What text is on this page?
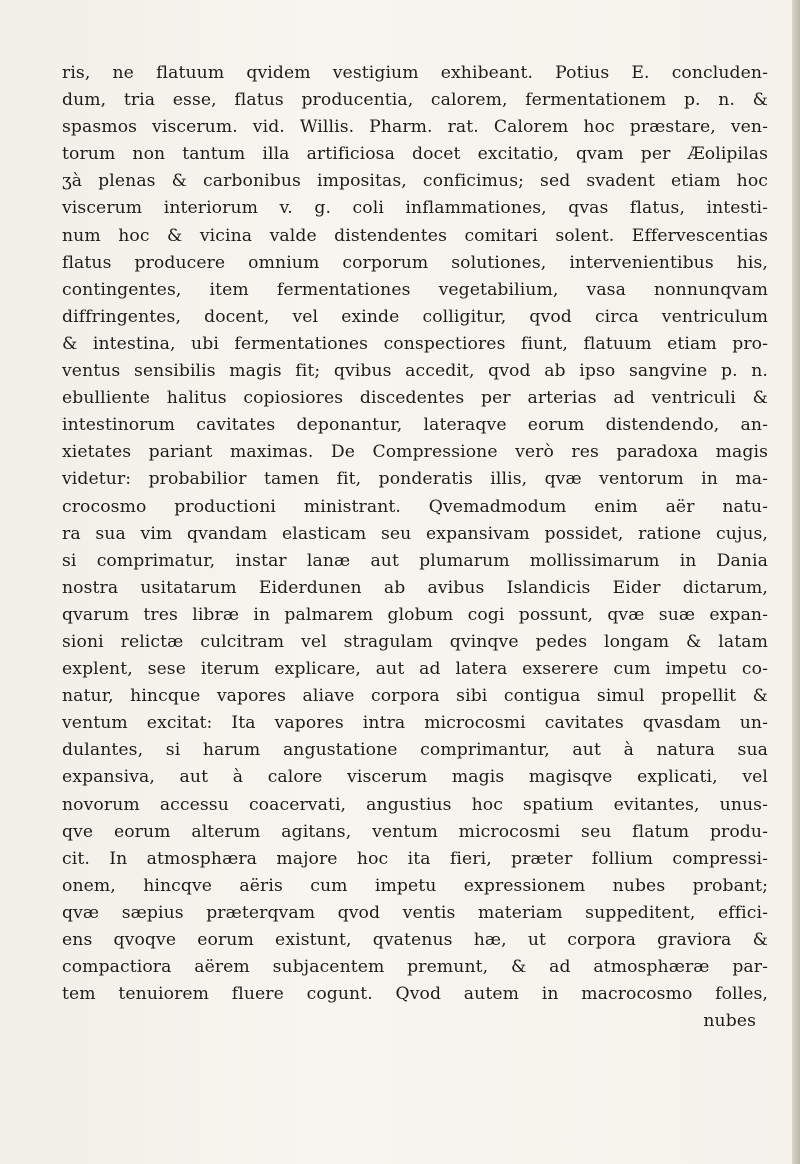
ris, ne flatuum qvidem vestigium exhibeant. Potius E. concluden-
dum, tria esse, flatus producentia, calorem, fermentationem p. n. &
spasmos viscerum. vid. Willis. Pharm. rat. Calorem hoc præstare, ven-
torum non tantum illa artificiosa docet excitatio, qvam per Æolipilas
ʒà plenas & carbonibus impositas, conficimus; sed svadent etiam hoc
viscerum interiorum v. g. coli inflammationes, qvas flatus, intesti-
num hoc & vicina valde distendentes comitari solent. Effervescentias
flatus producere omnium corporum solutiones, intervenientibus his,
contingentes, item fermentationes vegetabilium, vasa nonnunqvam
diffringentes, docent, vel exinde colligitur, qvod circa ventriculum
& intestina, ubi fermentationes conspectiores fiunt, flatuum etiam pro-
ventus sensibilis magis fit; qvibus accedit, qvod ab ipso sangvine p. n.
ebulliente halitus copiosiores discedentes per arterias ad ventriculi &
intestinorum cavitates deponantur, lateraqve eorum distendendo, an-
xietates pariant maximas. De Compressione verò res paradoxa magis
videtur: probabilior tamen fit, ponderatis illis, qvæ ventorum in ma-
crocosmo productioni ministrant. Qvemadmodum enim aër natu-
ra sua vim qvandam elasticam seu expansivam possidet, ratione cujus,
si comprimatur, instar lanæ aut plumarum mollissimarum in Dania
nostra usitatarum Eiderdunen ab avibus Islandicis Eider dictarum,
qvarum tres libræ in palmarem globum cogi possunt, qvæ suæ expan-
sioni relictæ culcitram vel stragulam qvinqve pedes longam & latam
explent, sese iterum explicare, aut ad latera exserere cum impetu co-
natur, hincque vapores aliave corpora sibi contigua simul propellit &
ventum excitat: Ita vapores intra microcosmi cavitates qvasdam un-
dulantes, si harum angustatione comprimantur, aut à natura sua
expansiva, aut à calore viscerum magis magisqve explicati, vel
novorum accessu coacervati, angustius hoc spatium evitantes, unus-
qve eorum alterum agitans, ventum microcosmi seu flatum produ-
cit. In atmosphæra majore hoc ita fieri, præter follium compressi-
onem, hincqve aëris cum impetu expressionem nubes probant;
qvæ sæpius præterqvam qvod ventis materiam suppeditent, effici-
ens qvoqve eorum existunt, qvatenus hæ, ut corpora graviora &
compactiora aërem subjacentem premunt, & ad atmosphæræ par-
tem tenuiorem fluere cogunt. Qvod autem in macrocosmo folles,
nubes
